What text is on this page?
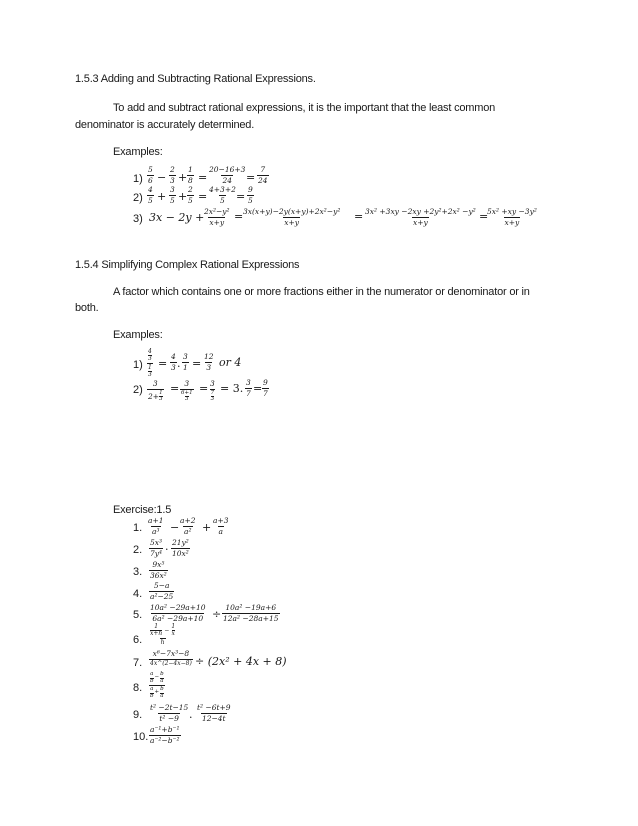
1.5.3 Adding and Subtracting Rational Expressions.
To add and subtract rational expressions, it is the important that the least common
denominator is accurately determined.
Examples:
$1) \frac{5}{6} - \frac{2}{3} + \frac{1}{8} = \frac{20-16+3}{24} = \frac{7}{24}$
$2) \frac{4}{5} + \frac{3}{5} + \frac{2}{5} = \frac{4+3+2}{5} = \frac{9}{5}$
3) 3x − 2y +
$\frac{\text{2x²−y²}}{x+y}$ =
$\frac{\text{3x(x+y)−2y(x+y)+2x²−y²}}{x+y} = \frac{\text{3x² +3xy −2xy +2y²+2x² −y²}}{x+y}$ =
$\frac{\text{5x² +xy −3y²}}{x+y}$
1.5.4 Simplifying Complex Rational Expressions
A factor which contains one or more fractions either in the numerator or denominator or in
both.
Examples:
1) 4
3
1
$3 = \frac{4}{3}$ . $\frac{3}{1} = \frac{12}{3}$ or 4
$2) \frac{3}{2+ \frac{1}{3}} = 3$
6+1
3
= 3
7
3
= 3. $\frac{3}{7} = \frac{9}{7}$
Exercise:1.5
1. $\frac{a+1}{\text{a³}} - \frac{a+2}{\text{a²}} + \frac{a+3}{a}$
2. $\frac{\text{5x³}}{\text{7y⁴}}$ . $\frac{\text{21y²}}{\text{10x²}}$
3. $\frac{\text{9x⁵}}{\text{36x²}}$
4. $\frac{5-a}{\text{a²−25}}$
5. $\frac{\text{10a² −29a+10}}{\text{6a² −29a+10}} \div \frac{\text{10a² −19a+6}}{\text{12a² −28a+15}}$
6. 1
$x+h - \frac{1}{x}$
h
7.
x⁶−7x³−8
4x^(2−4x−8) ÷ (2x² + 4x + 8)
8. a
b
− $\frac{b}{a}$
a
b
+ $\frac{b}{a}$
9. $\frac{\text{t² −2t−15}}{\text{t² −9}}$ . $\frac{\text{t² −6t+9}}{12-4t}$
10. $\frac{\text{a⁻¹+b⁻¹}}{\text{a⁻²−b⁻²}}$
